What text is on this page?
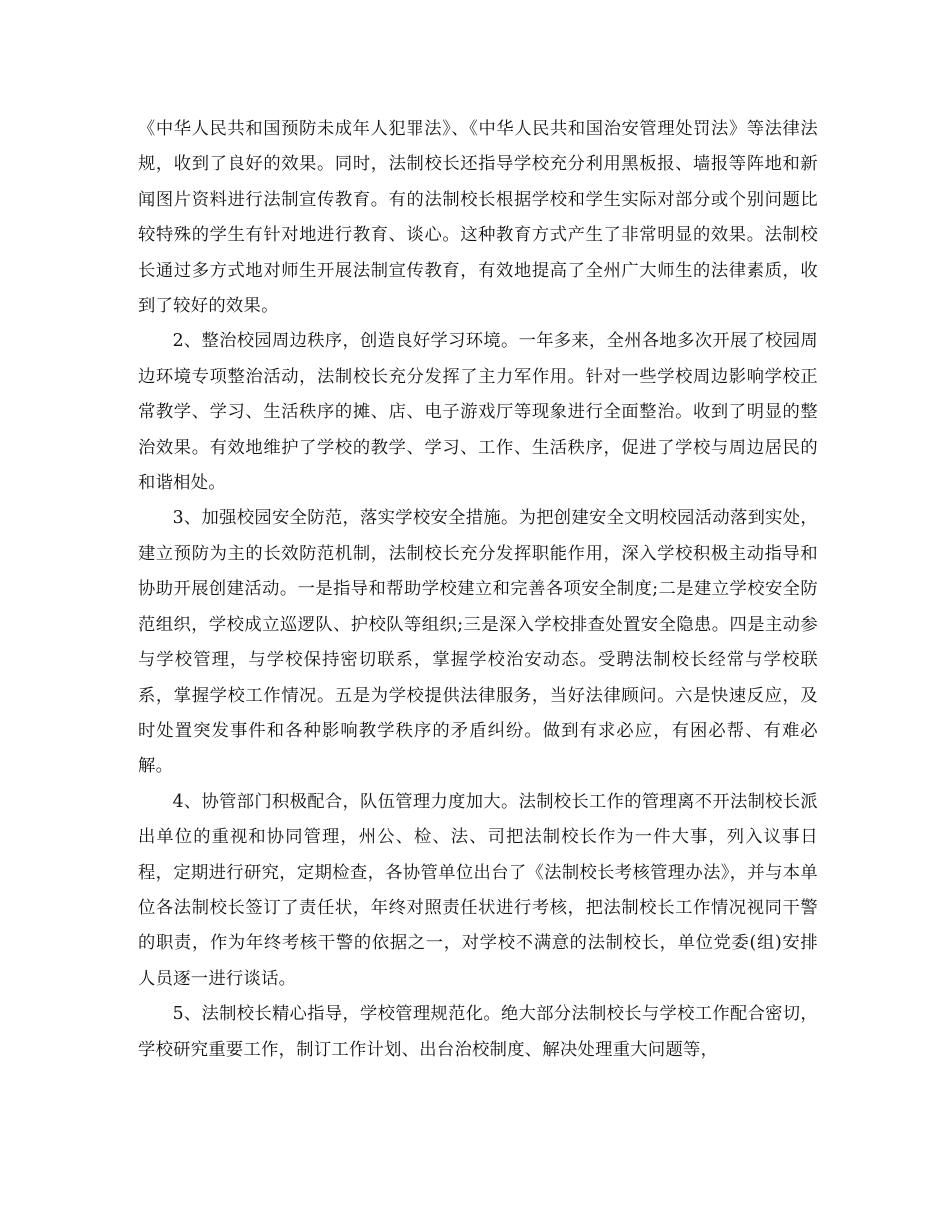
《中华人民共和国预防未成年人犯罪法》、《中华人民共和国治安管理处罚法》等法律法规，收到了良好的效果。同时，法制校长还指导学校充分利用黑板报、墙报等阵地和新闻图片资料进行法制宣传教育。有的法制校长根据学校和学生实际对部分或个别问题比较特殊的学生有针对地进行教育、谈心。这种教育方式产生了非常明显的效果。法制校长通过多方式地对师生开展法制宣传教育，有效地提高了全州广大师生的法律素质，收到了较好的效果。

2、整治校园周边秩序，创造良好学习环境。一年多来，全州各地多次开展了校园周边环境专项整治活动，法制校长充分发挥了主力军作用。针对一些学校周边影响学校正常教学、学习、生活秩序的摊、店、电子游戏厅等现象进行全面整治。收到了明显的整治效果。有效地维护了学校的教学、学习、工作、生活秩序，促进了学校与周边居民的和谐相处。

3、加强校园安全防范，落实学校安全措施。为把创建安全文明校园活动落到实处，建立预防为主的长效防范机制，法制校长充分发挥职能作用，深入学校积极主动指导和协助开展创建活动。一是指导和帮助学校建立和完善各项安全制度;二是建立学校安全防范组织，学校成立巡逻队、护校队等组织;三是深入学校排查处置安全隐患。四是主动参与学校管理，与学校保持密切联系，掌握学校治安动态。受聘法制校长经常与学校联系，掌握学校工作情况。五是为学校提供法律服务，当好法律顾问。六是快速反应，及时处置突发事件和各种影响教学秩序的矛盾纠纷。做到有求必应，有困必帮、有难必解。

4、协管部门积极配合，队伍管理力度加大。法制校长工作的管理离不开法制校长派出单位的重视和协同管理，州公、检、法、司把法制校长作为一件大事，列入议事日程，定期进行研究，定期检查，各协管单位出台了《法制校长考核管理办法》，并与本单位各法制校长签订了责任状，年终对照责任状进行考核，把法制校长工作情况视同干警的职责，作为年终考核干警的依据之一，对学校不满意的法制校长，单位党委(组)安排人员逐一进行谈话。

5、法制校长精心指导，学校管理规范化。绝大部分法制校长与学校工作配合密切，学校研究重要工作，制订工作计划、出台治校制度、解决处理重大问题等，
